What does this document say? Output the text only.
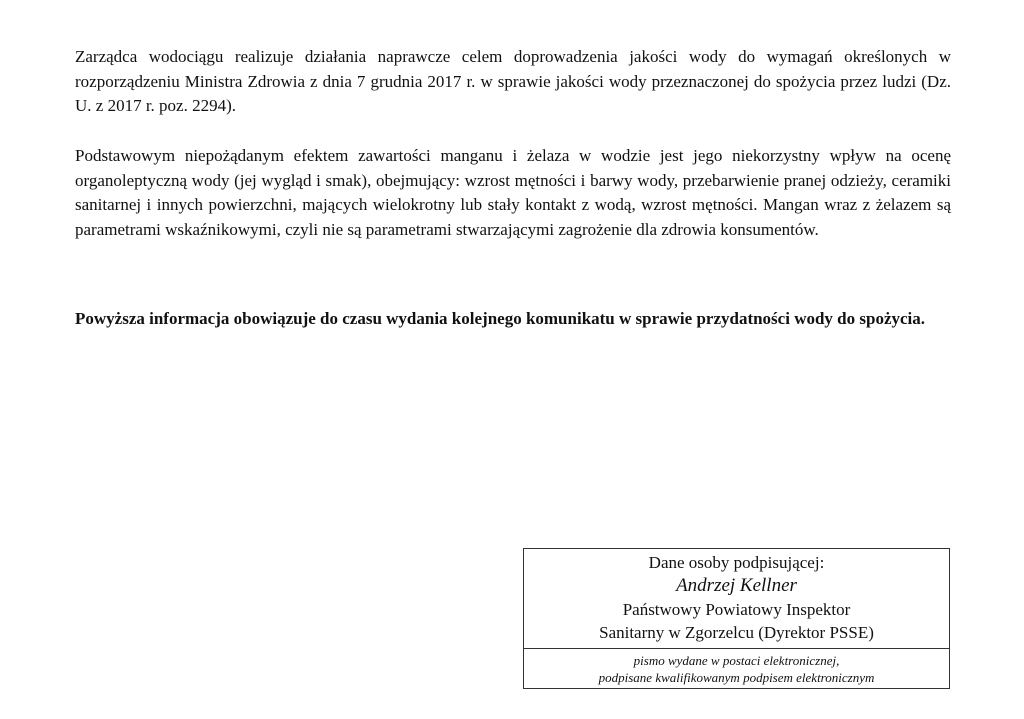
Zarządca wodociągu realizuje działania naprawcze celem doprowadzenia jakości wody do wymagań określonych w rozporządzeniu Ministra Zdrowia z dnia 7 grudnia 2017 r. w sprawie jakości wody przeznaczonej do spożycia przez ludzi (Dz. U. z 2017 r. poz. 2294).

Podstawowym niepożądanym efektem zawartości manganu i żelaza w wodzie jest jego niekorzystny wpływ na ocenę organoleptyczną wody (jej wygląd i smak), obejmujący: wzrost mętności i barwy wody, przebarwienie pranej odzieży, ceramiki sanitarnej i innych powierzchni, mających wielokrotny lub stały kontakt z wodą, wzrost mętności. Mangan wraz z żelazem są parametrami wskaźnikowymi, czyli nie są parametrami stwarzającymi zagrożenie dla zdrowia konsumentów.

Powyższa informacja obowiązuje do czasu wydania kolejnego komunikatu w sprawie przydatności wody do spożycia.

Dane osoby podpisującej:
Andrzej Kellner
Państwowy Powiatowy Inspektor
Sanitarny w Zgorzelcu (Dyrektor PSSE)
pismo wydane w postaci elektronicznej,
podpisane kwalifikowanym podpisem elektronicznym
